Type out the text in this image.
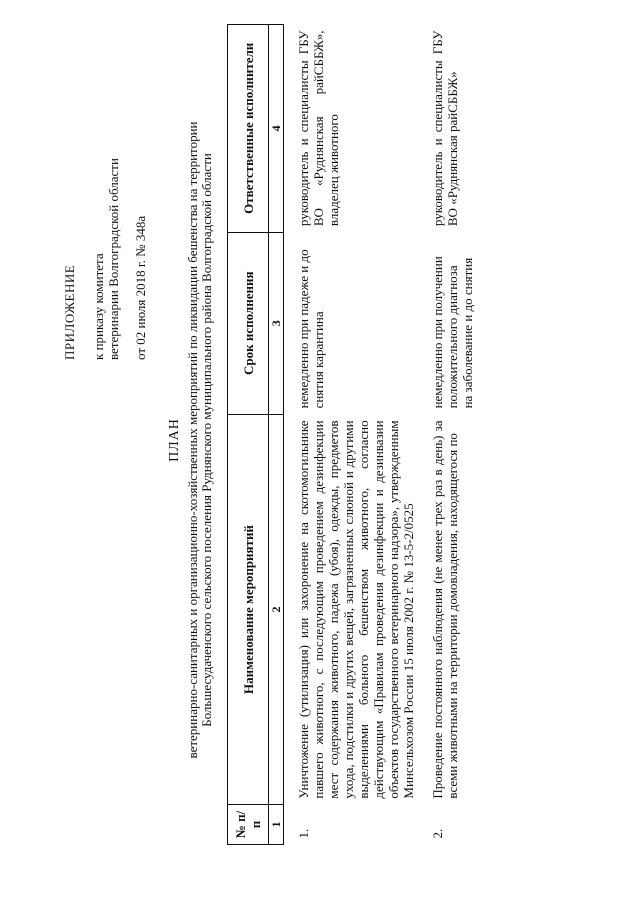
ПРИЛОЖЕНИЕ к приказу комитета ветеринарии Волгоградской области от 02 июля 2018 г. № 348а
ПЛАН ветеринарно-санитарных и организационно-хозяйственных мероприятий по ликвидации бешенства на территории Большесудаченского сельского поселения Руднянского муниципального района Волгоградской области
№ п/п	Наименование мероприятий	Срок исполнения	Ответственные исполнители
1	2	3	4
1.	Уничтожение (утилизация) или захоронение на скотомогильнике павшего животного, с последующим проведением дезинфекции мест содержания животного, падежа (убоя), одежды, предметов ухода, подстилки и других вещей, загрязненных слюной и другими выделениями больного бешенством животного, согласно действующим «Правилам проведения дезинфекции и дезинвазии объектов государственного ветеринарного надзора», утвержденным Минсельхозом России 15 июля 2002 г. № 13-5-2/0525	немедленно при падеже и до снятия карантина	руководитель и специалисты ГБУ ВО «Руднянская райСББЖ», владелец животного
2.	Проведение постоянного наблюдения (не менее трех раз в день) за всеми животными на территории домовладения, находящегося по	немедленно при получении положительного диагноза на заболевание и до снятия	руководитель и специалисты ГБУ ВО «Руднянская райСББЖ»
